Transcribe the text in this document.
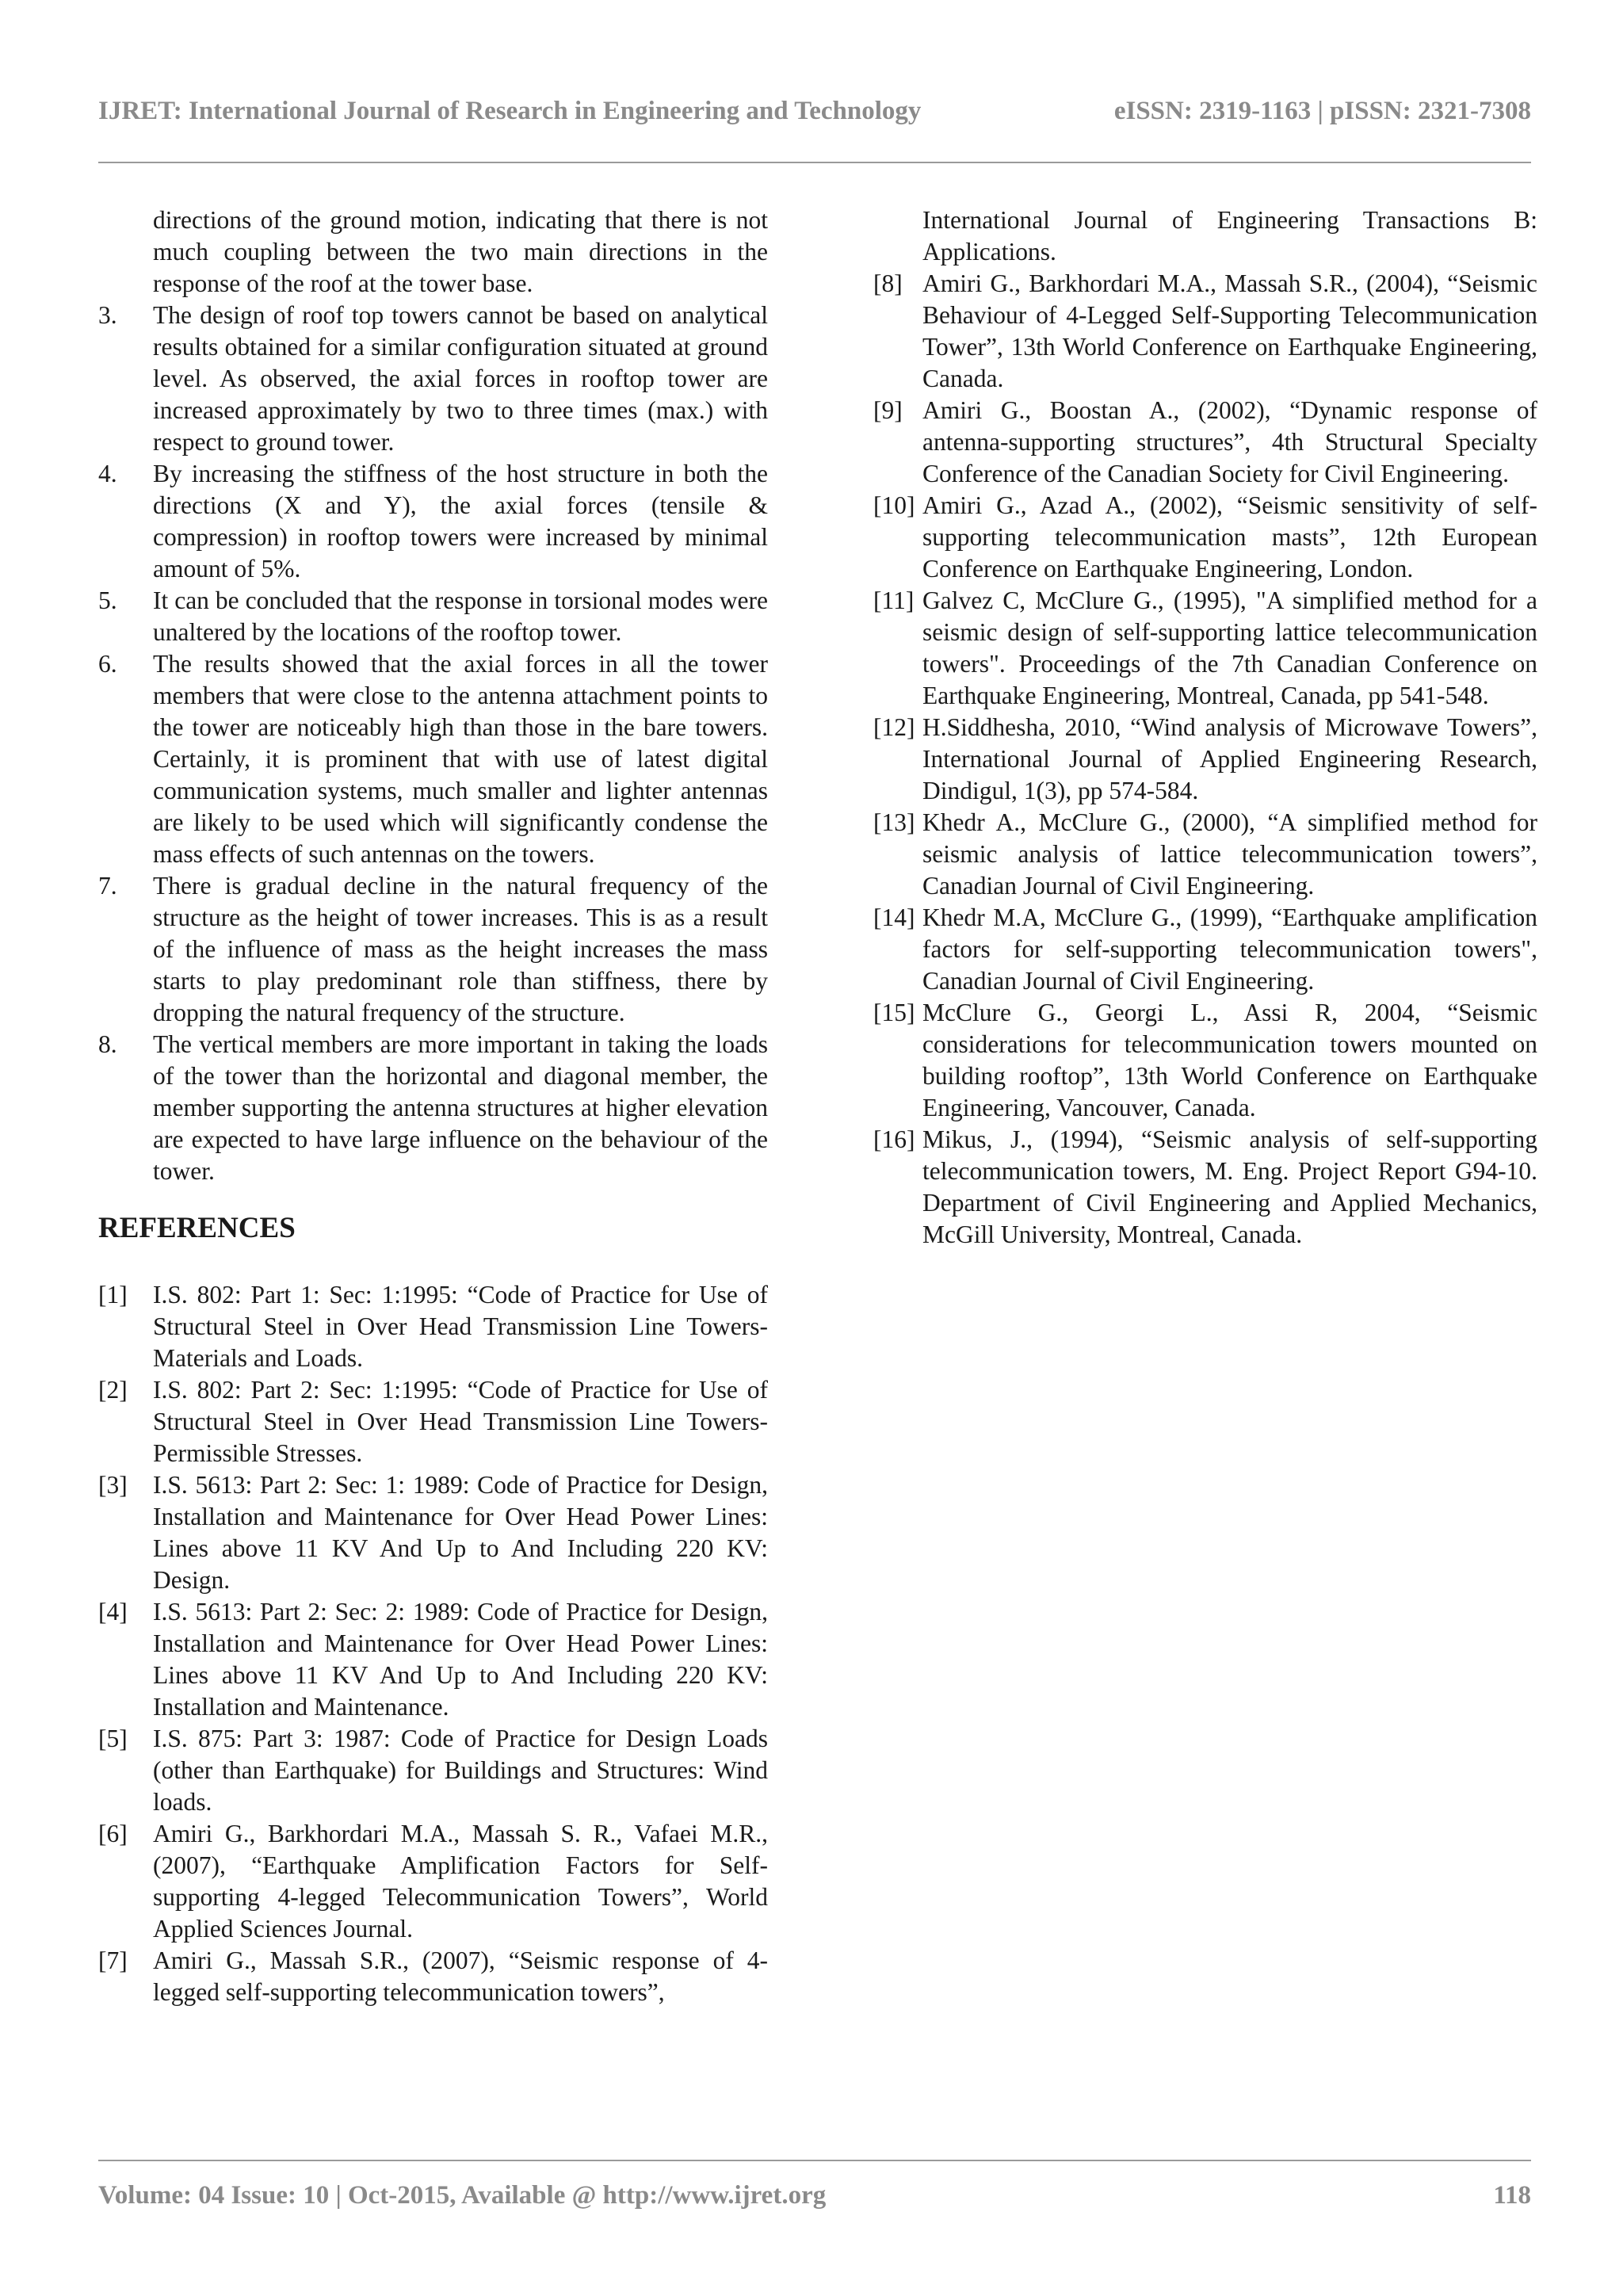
IJRET: International Journal of Research in Engineering and Technology	eISSN: 2319-1163 | pISSN: 2321-7308
directions of the ground motion, indicating that there is not much coupling between the two main directions in the response of the roof at the tower base.
3.	The design of roof top towers cannot be based on analytical results obtained for a similar configuration situated at ground level. As observed, the axial forces in rooftop tower are increased approximately by two to three times (max.) with respect to ground tower.
4.	By increasing the stiffness of the host structure in both the directions (X and Y), the axial forces (tensile & compression) in rooftop towers were increased by minimal amount of 5%.
5.	It can be concluded that the response in torsional modes were unaltered by the locations of the rooftop tower.
6.	The results showed that the axial forces in all the tower members that were close to the antenna attachment points to the tower are noticeably high than those in the bare towers. Certainly, it is prominent that with use of latest digital communication systems, much smaller and lighter antennas are likely to be used which will significantly condense the mass effects of such antennas on the towers.
7.	There is gradual decline in the natural frequency of the structure as the height of tower increases. This is as a result of the influence of mass as the height increases the mass starts to play predominant role than stiffness, there by dropping the natural frequency of the structure.
8.	The vertical members are more important in taking the loads of the tower than the horizontal and diagonal member, the member supporting the antenna structures at higher elevation are expected to have large influence on the behaviour of the tower.
REFERENCES
[1]	I.S. 802: Part 1: Sec: 1:1995: “Code of Practice for Use of Structural Steel in Over Head Transmission Line Towers-Materials and Loads.
[2]	I.S. 802: Part 2: Sec: 1:1995: “Code of Practice for Use of Structural Steel in Over Head Transmission Line Towers-Permissible Stresses.
[3]	I.S. 5613: Part 2: Sec: 1: 1989: Code of Practice for Design, Installation and Maintenance for Over Head Power Lines: Lines above 11 KV And Up to And Including 220 KV: Design.
[4]	I.S. 5613: Part 2: Sec: 2: 1989: Code of Practice for Design, Installation and Maintenance for Over Head Power Lines: Lines above 11 KV And Up to And Including 220 KV: Installation and Maintenance.
[5]	I.S. 875: Part 3: 1987: Code of Practice for Design Loads (other than Earthquake) for Buildings and Structures: Wind loads.
[6]	Amiri G., Barkhordari M.A., Massah S. R., Vafaei M.R., (2007), “Earthquake Amplification Factors for Self-supporting 4-legged Telecommunication Towers”, World Applied Sciences Journal.
[7]	Amiri G., Massah S.R., (2007), “Seismic response of 4-legged self-supporting telecommunication towers”,
International Journal of Engineering Transactions B: Applications.
[8] Amiri G., Barkhordari M.A., Massah S.R., (2004), “Seismic Behaviour of 4-Legged Self-Supporting Telecommunication Tower”, 13th World Conference on Earthquake Engineering, Canada.
[9] Amiri G., Boostan A., (2002), “Dynamic response of antenna-supporting structures”, 4th Structural Specialty Conference of the Canadian Society for Civil Engineering.
[10] Amiri G., Azad A., (2002), “Seismic sensitivity of self-supporting telecommunication masts”, 12th European Conference on Earthquake Engineering, London.
[11] Galvez C, McClure G., (1995), "A simplified method for a seismic design of self-supporting lattice telecommunication towers". Proceedings of the 7th Canadian Conference on Earthquake Engineering, Montreal, Canada, pp 541-548.
[12] H.Siddhesha, 2010, “Wind analysis of Microwave Towers”, International Journal of Applied Engineering Research, Dindigul, 1(3), pp 574-584.
[13] Khedr A., McClure G., (2000), “A simplified method for seismic analysis of lattice telecommunication towers”, Canadian Journal of Civil Engineering.
[14] Khedr M.A, McClure G., (1999), “Earthquake amplification factors for self-supporting telecommunication towers", Canadian Journal of Civil Engineering.
[15] McClure G., Georgi L., Assi R, 2004, “Seismic considerations for telecommunication towers mounted on building rooftop”, 13th World Conference on Earthquake Engineering, Vancouver, Canada.
[16] Mikus, J., (1994), “Seismic analysis of self-supporting telecommunication towers, M. Eng. Project Report G94-10. Department of Civil Engineering and Applied Mechanics, McGill University, Montreal, Canada.
Volume: 04 Issue: 10 | Oct-2015, Available @ http://www.ijret.org	118
